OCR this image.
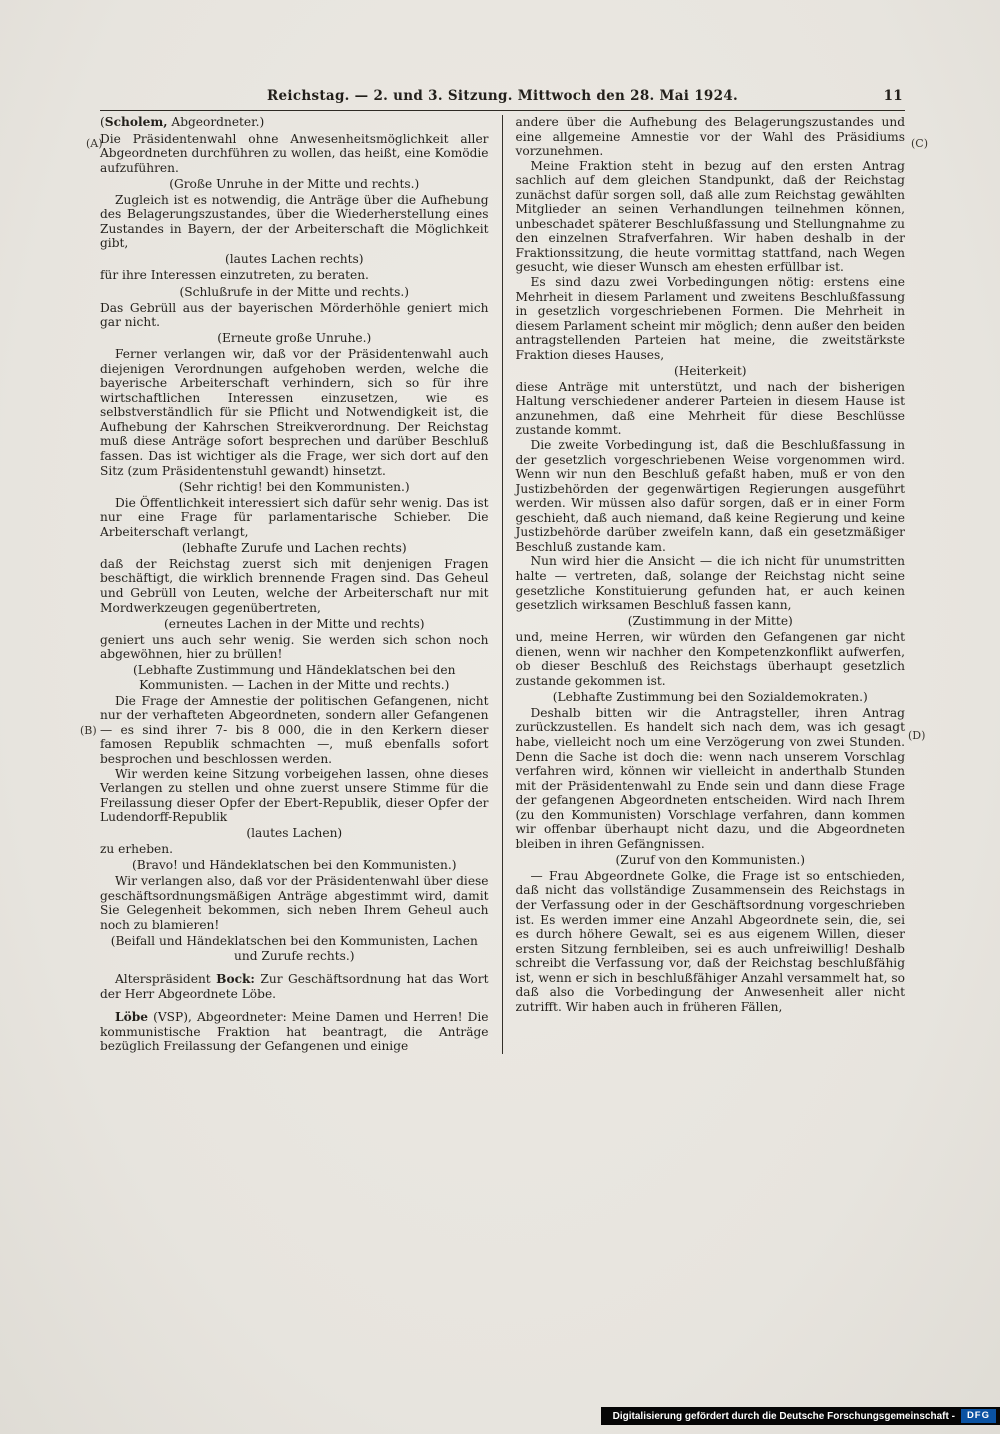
Reichstag. — 2. und 3. Sitzung. Mittwoch den 28. Mai 1924.	11
(A)
(B)
(C)
(D)

(Scholem, Abgeordneter.)

Die Präsidentenwahl ohne Anwesenheitsmöglichkeit aller Abgeordneten durchführen zu wollen, das heißt, eine Komödie aufzuführen.

(Große Unruhe in der Mitte und rechts.)

Zugleich ist es notwendig, die Anträge über die Aufhebung des Belagerungszustandes, über die Wiederherstellung eines Zustandes in Bayern, der der Arbeiterschaft die Möglichkeit gibt,

(lautes Lachen rechts)

für ihre Interessen einzutreten, zu beraten.

(Schlußrufe in der Mitte und rechts.)

Das Gebrüll aus der bayerischen Mörderhöhle geniert mich gar nicht.

(Erneute große Unruhe.)

Ferner verlangen wir, daß vor der Präsidentenwahl auch diejenigen Verordnungen aufgehoben werden, welche die bayerische Arbeiterschaft verhindern, sich so für ihre wirtschaftlichen Interessen einzusetzen, wie es selbstverständlich für sie Pflicht und Notwendigkeit ist, die Aufhebung der Kahrschen Streikverordnung. Der Reichstag muß diese Anträge sofort besprechen und darüber Beschluß fassen. Das ist wichtiger als die Frage, wer sich dort auf den Sitz (zum Präsidentenstuhl gewandt) hinsetzt.

(Sehr richtig! bei den Kommunisten.)

Die Öffentlichkeit interessiert sich dafür sehr wenig. Das ist nur eine Frage für parlamentarische Schieber. Die Arbeiterschaft verlangt,

(lebhafte Zurufe und Lachen rechts)

daß der Reichstag zuerst sich mit denjenigen Fragen beschäftigt, die wirklich brennende Fragen sind. Das Geheul und Gebrüll von Leuten, welche der Arbeiterschaft nur mit Mordwerkzeugen gegenübertreten,

(erneutes Lachen in der Mitte und rechts)

geniert uns auch sehr wenig. Sie werden sich schon noch abgewöhnen, hier zu brüllen!

(Lebhafte Zustimmung und Händeklatschen bei den Kommunisten. — Lachen in der Mitte und rechts.)

Die Frage der Amnestie der politischen Gefangenen, nicht nur der verhafteten Abgeordneten, sondern aller Gefangenen — es sind ihrer 7- bis 8 000, die in den Kerkern dieser famosen Republik schmachten —, muß ebenfalls sofort besprochen und beschlossen werden.

Wir werden keine Sitzung vorbeigehen lassen, ohne dieses Verlangen zu stellen und ohne zuerst unsere Stimme für die Freilassung dieser Opfer der Ebert-Republik, dieser Opfer der Ludendorff-Republik

(lautes Lachen)

zu erheben.

(Bravo! und Händeklatschen bei den Kommunisten.)

Wir verlangen also, daß vor der Präsidentenwahl über diese geschäftsordnungsmäßigen Anträge abgestimmt wird, damit Sie Gelegenheit bekommen, sich neben Ihrem Geheul auch noch zu blamieren!

(Beifall und Händeklatschen bei den Kommunisten, Lachen und Zurufe rechts.)

Alterspräsident Bock: Zur Geschäftsordnung hat das Wort der Herr Abgeordnete Löbe.

Löbe (VSP), Abgeordneter: Meine Damen und Herren! Die kommunistische Fraktion hat beantragt, die Anträge bezüglich Freilassung der Gefangenen und einige

andere über die Aufhebung des Belagerungszustandes und eine allgemeine Amnestie vor der Wahl des Präsidiums vorzunehmen.

Meine Fraktion steht in bezug auf den ersten Antrag sachlich auf dem gleichen Standpunkt, daß der Reichstag zunächst dafür sorgen soll, daß alle zum Reichstag gewählten Mitglieder an seinen Verhandlungen teilnehmen können, unbeschadet späterer Beschlußfassung und Stellungnahme zu den einzelnen Strafverfahren. Wir haben deshalb in der Fraktionssitzung, die heute vormittag stattfand, nach Wegen gesucht, wie dieser Wunsch am ehesten erfüllbar ist.

Es sind dazu zwei Vorbedingungen nötig: erstens eine Mehrheit in diesem Parlament und zweitens Beschlußfassung in gesetzlich vorgeschriebenen Formen. Die Mehrheit in diesem Parlament scheint mir möglich; denn außer den beiden antragstellenden Parteien hat meine, die zweitstärkste Fraktion dieses Hauses,

(Heiterkeit)

diese Anträge mit unterstützt, und nach der bisherigen Haltung verschiedener anderer Parteien in diesem Hause ist anzunehmen, daß eine Mehrheit für diese Beschlüsse zustande kommt.

Die zweite Vorbedingung ist, daß die Beschlußfassung in der gesetzlich vorgeschriebenen Weise vorgenommen wird. Wenn wir nun den Beschluß gefaßt haben, muß er von den Justizbehörden der gegenwärtigen Regierungen ausgeführt werden. Wir müssen also dafür sorgen, daß er in einer Form geschieht, daß auch niemand, daß keine Regierung und keine Justizbehörde darüber zweifeln kann, daß ein gesetzmäßiger Beschluß zustande kam.

Nun wird hier die Ansicht — die ich nicht für unumstritten halte — vertreten, daß, solange der Reichstag nicht seine gesetzliche Konstituierung gefunden hat, er auch keinen gesetzlich wirksamen Beschluß fassen kann,

(Zustimmung in der Mitte)

und, meine Herren, wir würden den Gefangenen gar nicht dienen, wenn wir nachher den Kompetenzkonflikt aufwerfen, ob dieser Beschluß des Reichstags überhaupt gesetzlich zustande gekommen ist.

(Lebhafte Zustimmung bei den Sozialdemokraten.)

Deshalb bitten wir die Antragsteller, ihren Antrag zurückzustellen. Es handelt sich nach dem, was ich gesagt habe, vielleicht noch um eine Verzögerung von zwei Stunden. Denn die Sache ist doch die: wenn nach unserem Vorschlag verfahren wird, können wir vielleicht in anderthalb Stunden mit der Präsidentenwahl zu Ende sein und dann diese Frage der gefangenen Abgeordneten entscheiden. Wird nach Ihrem (zu den Kommunisten) Vorschlage verfahren, dann kommen wir offenbar überhaupt nicht dazu, und die Abgeordneten bleiben in ihren Gefängnissen.

(Zuruf von den Kommunisten.)

— Frau Abgeordnete Golke, die Frage ist so entschieden, daß nicht das vollständige Zusammensein des Reichstags in der Verfassung oder in der Geschäftsordnung vorgeschrieben ist. Es werden immer eine Anzahl Abgeordnete sein, die, sei es durch höhere Gewalt, sei es aus eigenem Willen, dieser ersten Sitzung fernbleiben, sei es auch unfreiwillig! Deshalb schreibt die Verfassung vor, daß der Reichstag beschlußfähig ist, wenn er sich in beschlußfähiger Anzahl versammelt hat, so daß also die Vorbedingung der Anwesenheit aller nicht zutrifft. Wir haben auch in früheren Fällen,

Digitalisierung gefördert durch die Deutsche Forschungsgemeinschaft -	DFG
